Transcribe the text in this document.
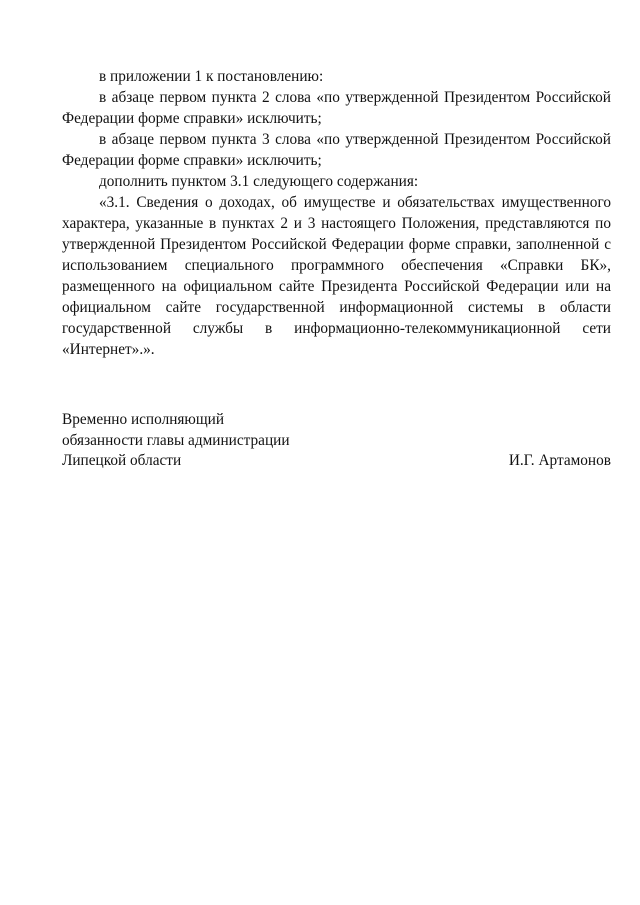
в приложении 1 к постановлению:

в абзаце первом пункта 2 слова «по утвержденной Президентом Российской Федерации форме справки» исключить;

в абзаце первом пункта 3 слова «по утвержденной Президентом Российской Федерации форме справки» исключить;

дополнить пунктом 3.1 следующего содержания:

«3.1. Сведения о доходах, об имуществе и обязательствах имущественного характера, указанные в пунктах 2 и 3 настоящего Положения, представляются по утвержденной Президентом Российской Федерации форме справки, заполненной с использованием специального программного обеспечения «Справки БК», размещенного на официальном сайте Президента Российской Федерации или на официальном сайте государственной информационной системы в области государственной службы в информационно-телекоммуникационной сети «Интернет».».

Временно исполняющий
обязанности главы администрации
Липецкой области	И.Г. Артамонов
